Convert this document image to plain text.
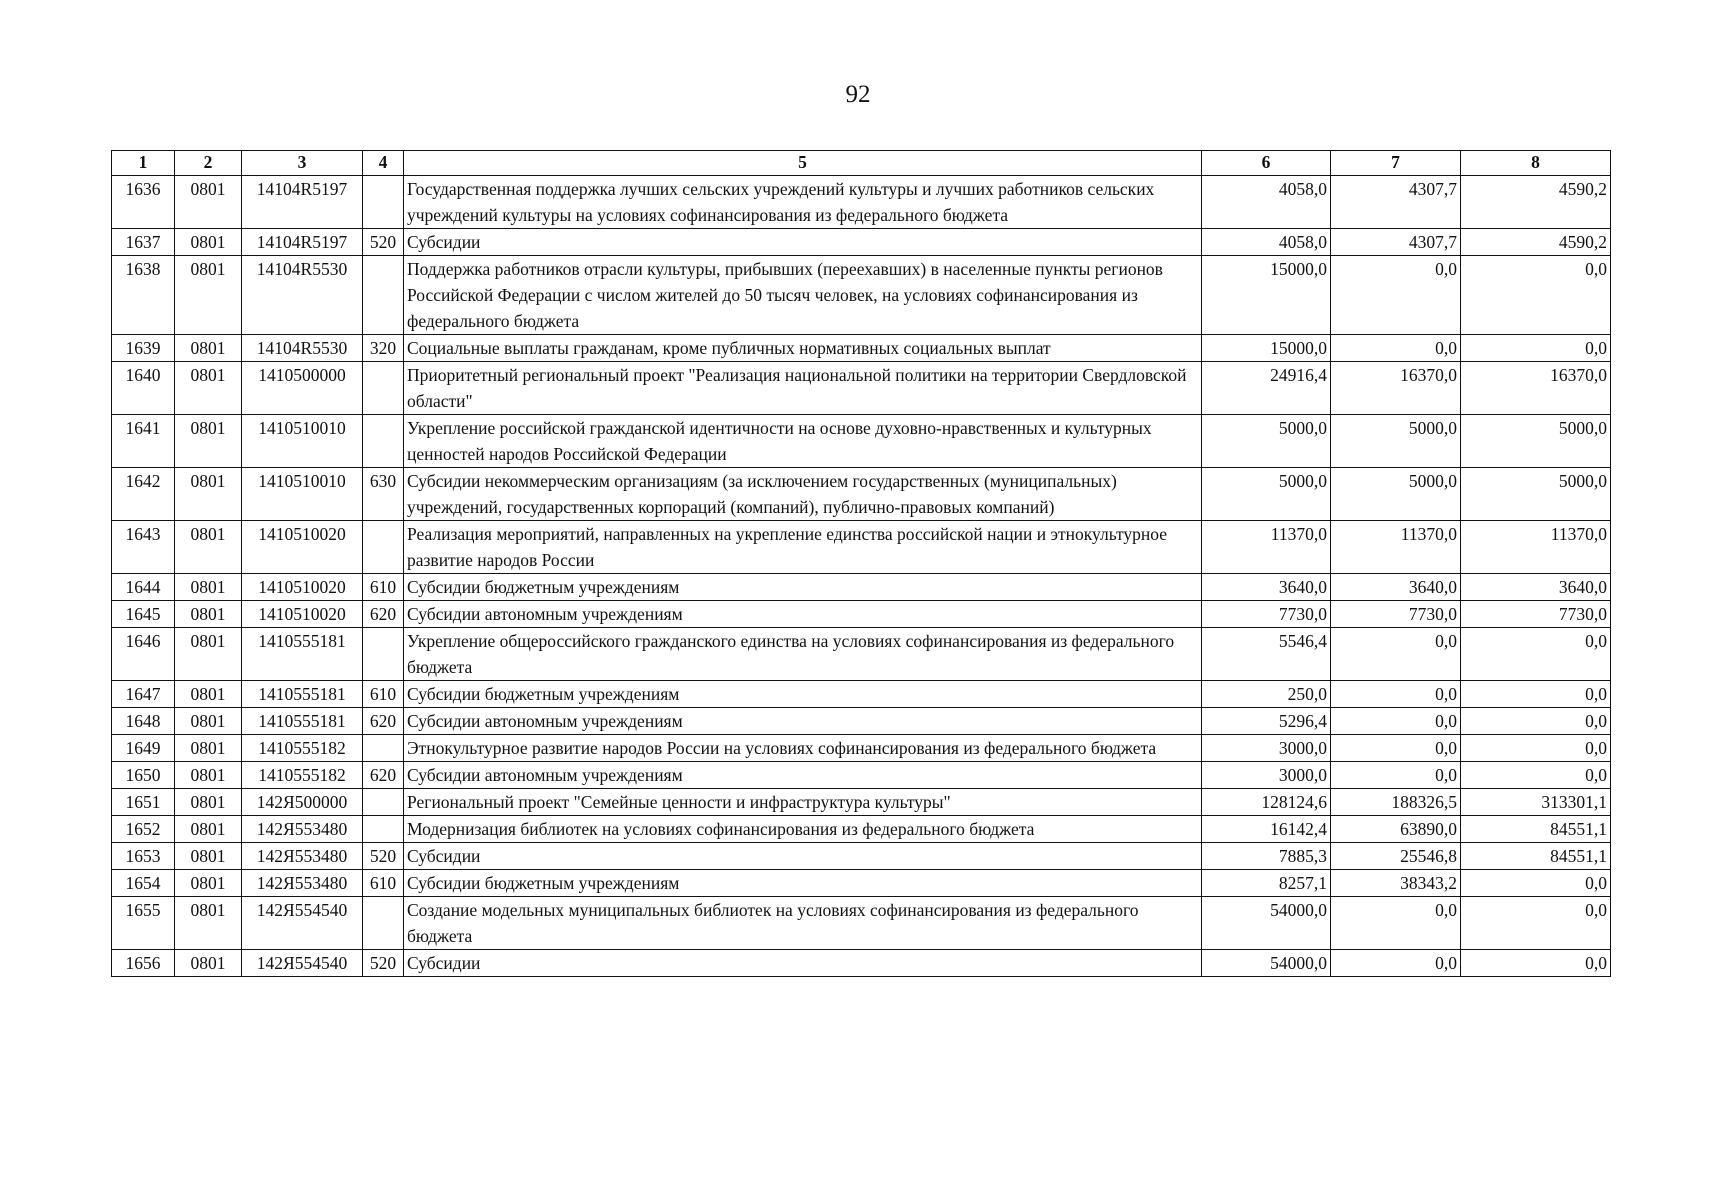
92
1	2	3	4	5	6	7	8
1636	0801	14104R5197		Государственная поддержка лучших сельских учреждений культуры и лучших работников сельских учреждений культуры на условиях софинансирования из федерального бюджета	4058,0	4307,7	4590,2
1637	0801	14104R5197	520	Субсидии	4058,0	4307,7	4590,2
1638	0801	14104R5530		Поддержка работников отрасли культуры, прибывших (переехавших) в населенные пункты регионов Российской Федерации с числом жителей до 50 тысяч человек, на условиях софинансирования из федерального бюджета	15000,0	0,0	0,0
1639	0801	14104R5530	320	Социальные выплаты гражданам, кроме публичных нормативных социальных выплат	15000,0	0,0	0,0
1640	0801	1410500000		Приоритетный региональный проект "Реализация национальной политики на территории Свердловской области"	24916,4	16370,0	16370,0
1641	0801	1410510010		Укрепление российской гражданской идентичности на основе духовно-нравственных и культурных ценностей народов Российской Федерации	5000,0	5000,0	5000,0
1642	0801	1410510010	630	Субсидии некоммерческим организациям (за исключением государственных (муниципальных) учреждений, государственных корпораций (компаний), публично-правовых компаний)	5000,0	5000,0	5000,0
1643	0801	1410510020		Реализация мероприятий, направленных на укрепление единства российской нации и этнокультурное развитие народов России	11370,0	11370,0	11370,0
1644	0801	1410510020	610	Субсидии бюджетным учреждениям	3640,0	3640,0	3640,0
1645	0801	1410510020	620	Субсидии автономным учреждениям	7730,0	7730,0	7730,0
1646	0801	1410555181		Укрепление общероссийского гражданского единства на условиях софинансирования из федерального бюджета	5546,4	0,0	0,0
1647	0801	1410555181	610	Субсидии бюджетным учреждениям	250,0	0,0	0,0
1648	0801	1410555181	620	Субсидии автономным учреждениям	5296,4	0,0	0,0
1649	0801	1410555182		Этнокультурное развитие народов России на условиях софинансирования из федерального бюджета	3000,0	0,0	0,0
1650	0801	1410555182	620	Субсидии автономным учреждениям	3000,0	0,0	0,0
1651	0801	142Я500000		Региональный проект "Семейные ценности и инфраструктура культуры"	128124,6	188326,5	313301,1
1652	0801	142Я553480		Модернизация библиотек на условиях софинансирования из федерального бюджета	16142,4	63890,0	84551,1
1653	0801	142Я553480	520	Субсидии	7885,3	25546,8	84551,1
1654	0801	142Я553480	610	Субсидии бюджетным учреждениям	8257,1	38343,2	0,0
1655	0801	142Я554540		Создание модельных муниципальных библиотек на условиях софинансирования из федерального бюджета	54000,0	0,0	0,0
1656	0801	142Я554540	520	Субсидии	54000,0	0,0	0,0
